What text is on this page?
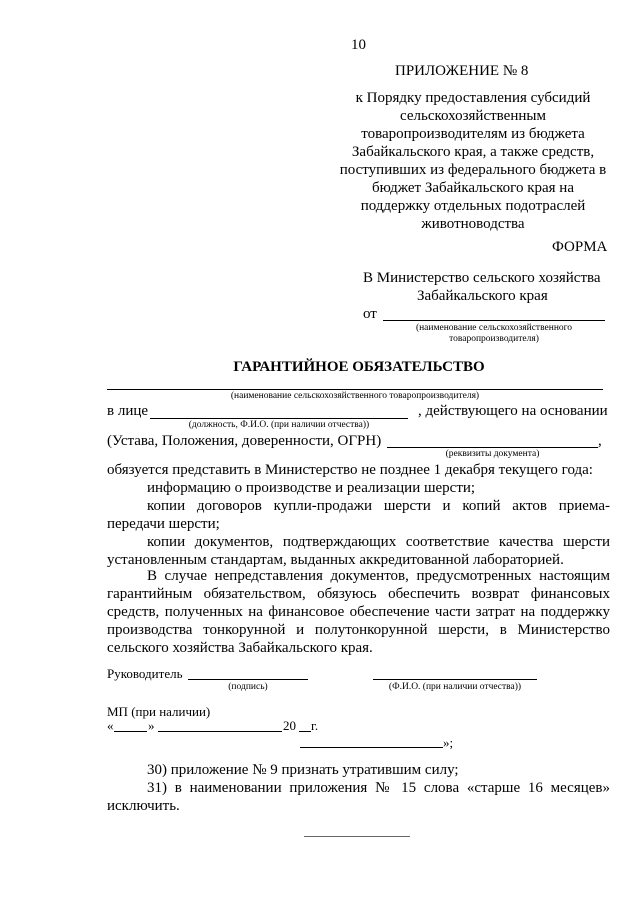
10
ПРИЛОЖЕНИЕ № 8
к Порядку предоставления субсидий
сельскохозяйственным
товаропроизводителям из бюджета
Забайкальского края, а также средств,
поступивших из федерального бюджета в
бюджет Забайкальского края на
поддержку отдельных подотраслей
животноводства
ФОРМА
В Министерство сельского хозяйства
Забайкальского края
от
(наименование сельскохозяйственного
товаропроизводителя)
ГАРАНТИЙНОЕ ОБЯЗАТЕЛЬСТВО
(наименование сельскохозяйственного товаропроизводителя)
в лице	, действующего на основании
(должность, Ф.И.О. (при наличии отчества))
(Устава, Положения, доверенности, ОГРН)	,
(реквизиты документа)
обязуется представить в Министерство не позднее 1 декабря текущего года:
информацию о производстве и реализации шерсти;
копии договоров купли-продажи шерсти и копий актов приема-
передачи шерсти;
копии документов, подтверждающих соответствие качества шерсти
установленным стандартам, выданных аккредитованной лабораторией.
В случае непредставления документов, предусмотренных настоящим
гарантийным обязательством, обязуюсь обеспечить возврат финансовых
средств, полученных на финансовое обеспечение части затрат на поддержку
производства тонкорунной и полутонкорунной шерсти, в Министерство
сельского хозяйства Забайкальского края.
Руководитель
(подпись)	(Ф.И.О. (при наличии отчества))
МП (при наличии)
«	»	20 г.
»;
30) приложение № 9 признать утратившим силу;
31) в наименовании приложения № 15 слова «старше 16 месяцев»
исключить.
